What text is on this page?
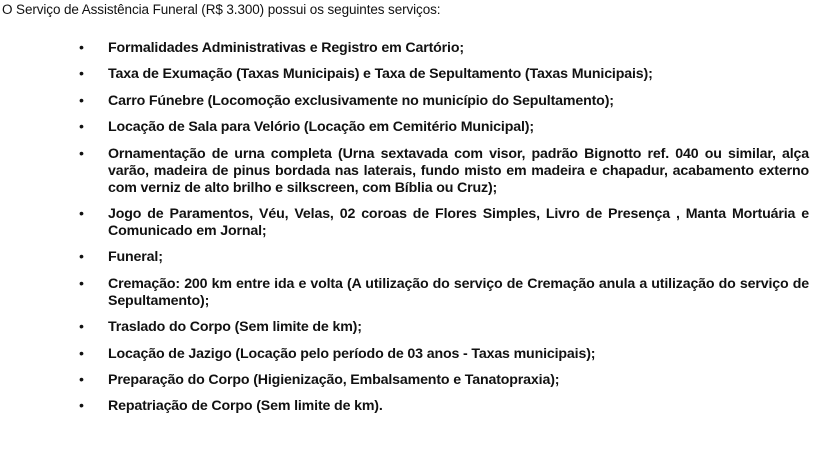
O Serviço de Assistência Funeral (R$ 3.300) possui os seguintes serviços:

• Formalidades Administrativas e Registro em Cartório;
• Taxa de Exumação (Taxas Municipais) e Taxa de Sepultamento (Taxas Municipais);
• Carro Fúnebre (Locomoção exclusivamente no município do Sepultamento);
• Locação de Sala para Velório (Locação em Cemitério Municipal);
• Ornamentação de urna completa (Urna sextavada com visor, padrão Bignotto ref. 040 ou similar, alça varão, madeira de pinus bordada nas laterais, fundo misto em madeira e chapadur, acabamento externo com verniz de alto brilho e silkscreen, com Bíblia ou Cruz);
• Jogo de Paramentos, Véu, Velas, 02 coroas de Flores Simples, Livro de Presença , Manta Mortuária e Comunicado em Jornal;
• Funeral;
• Cremação: 200 km entre ida e volta (A utilização do serviço de Cremação anula a utilização do serviço de Sepultamento);
• Traslado do Corpo (Sem limite de km);
• Locação de Jazigo (Locação pelo período de 03 anos - Taxas municipais);
• Preparação do Corpo (Higienização, Embalsamento e Tanatopraxia);
• Repatriação de Corpo (Sem limite de km).
